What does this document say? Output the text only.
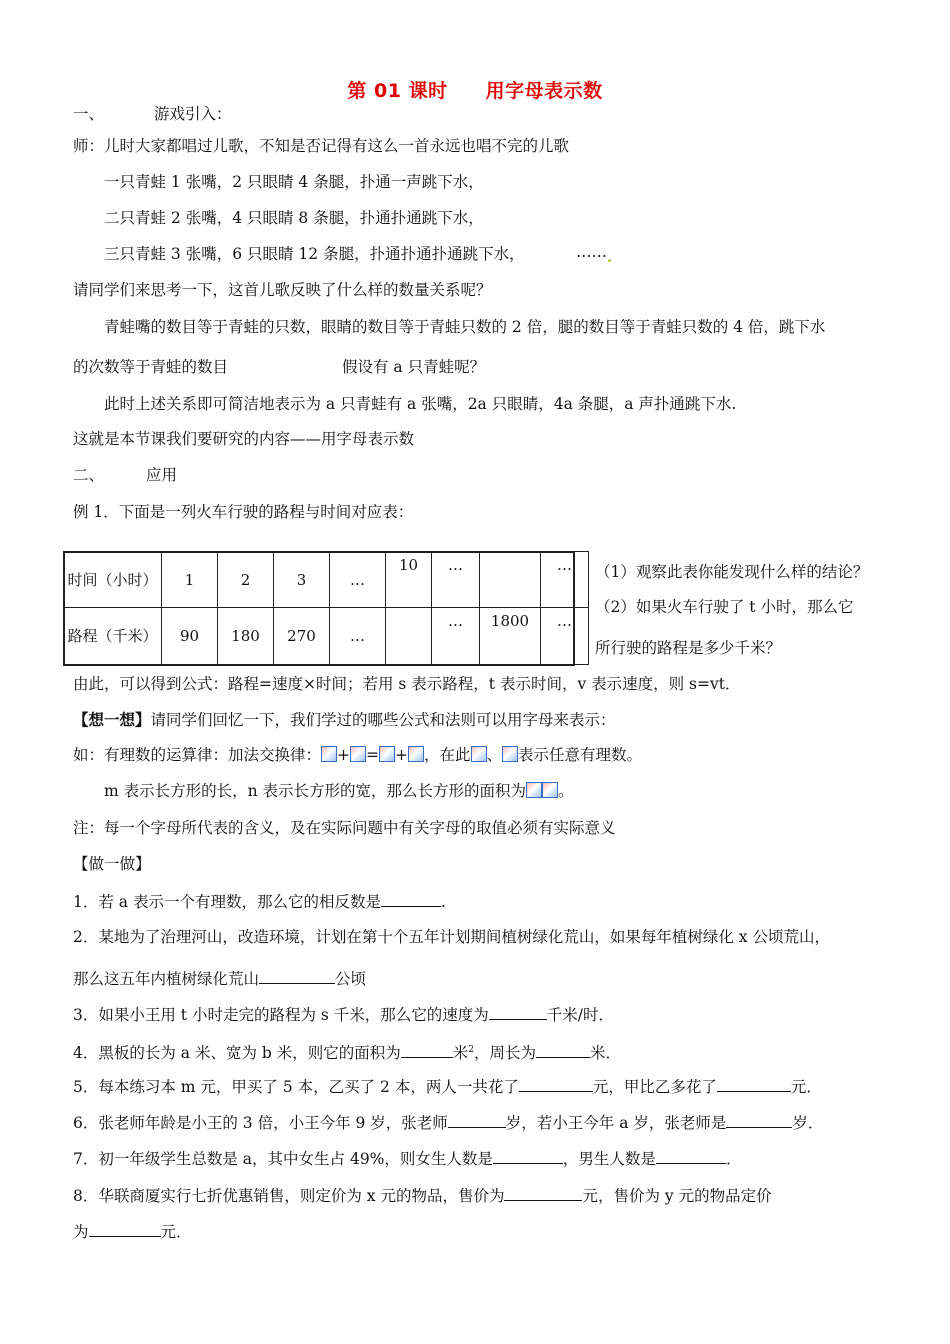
第 01 课时 用字母表示数
一、	游戏引入：
师：儿时大家都唱过儿歌，不知是否记得有这么一首永远也唱不完的儿歌
一只青蛙 1 张嘴，2 只眼睛 4 条腿，扑通一声跳下水，
二只青蛙 2 张嘴，4 只眼睛 8 条腿，扑通扑通跳下水，
三只青蛙 3 张嘴，6 只眼睛 12 条腿，扑通扑通扑通跳下水，	……
请同学们来思考一下，这首儿歌反映了什么样的数量关系呢？
青蛙嘴的数目等于青蛙的只数，眼睛的数目等于青蛙只数的 2 倍，腿的数目等于青蛙只数的 4 倍，跳下水
的次数等于青蛙的数目	假设有 a 只青蛙呢？
此时上述关系即可简洁地表示为 a 只青蛙有 a 张嘴，2a 只眼睛，4a 条腿，a 声扑通跳下水.
这就是本节课我们要研究的内容——用字母表示数
二、	应用
例 1．下面是一列火车行驶的路程与时间对应表：
时间（小时）	1	2	3	…	10	…		…
路程（千米）	90	180	270	…		…	1800	…
（1）观察此表你能发现什么样的结论？
（2）如果火车行驶了 t 小时，那么它
所行驶的路程是多少千米？
由此，可以得到公式：路程=速度×时间；若用 s 表示路程，t 表示时间，v 表示速度，则 s=vt．
【想一想】请同学们回忆一下，我们学过的哪些公式和法则可以用字母来表示：
如：有理数的运算律：加法交换律： + = + ，在此 、 表示任意有理数。
m 表示长方形的长，n 表示长方形的宽，那么长方形的面积为 。
注：每一个字母所代表的含义，及在实际问题中有关字母的取值必须有实际意义
【做一做】
1．若 a 表示一个有理数，那么它的相反数是	.
2．某地为了治理河山，改造环境，计划在第十个五年计划期间植树绿化荒山，如果每年植树绿化 x 公顷荒山，
那么这五年内植树绿化荒山	公顷
3．如果小王用 t 小时走完的路程为 s 千米，那么它的速度为	千米/时．
4．黑板的长为 a 米、宽为 b 米，则它的面积为	米$^2$，周长为	米．
5．每本练习本 m 元，甲买了 5 本，乙买了 2 本，两人一共花了	元，甲比乙多花了	元．
6．张老师年龄是小王的 3 倍，小王今年 9 岁，张老师	岁，若小王今年 a 岁，张老师是	岁．
7．初一年级学生总数是 a，其中女生占 49%，则女生人数是	，男生人数是	．
8．华联商厦实行七折优惠销售，则定价为 x 元的物品，售价为	元，售价为 y 元的物品定价
为	元．
